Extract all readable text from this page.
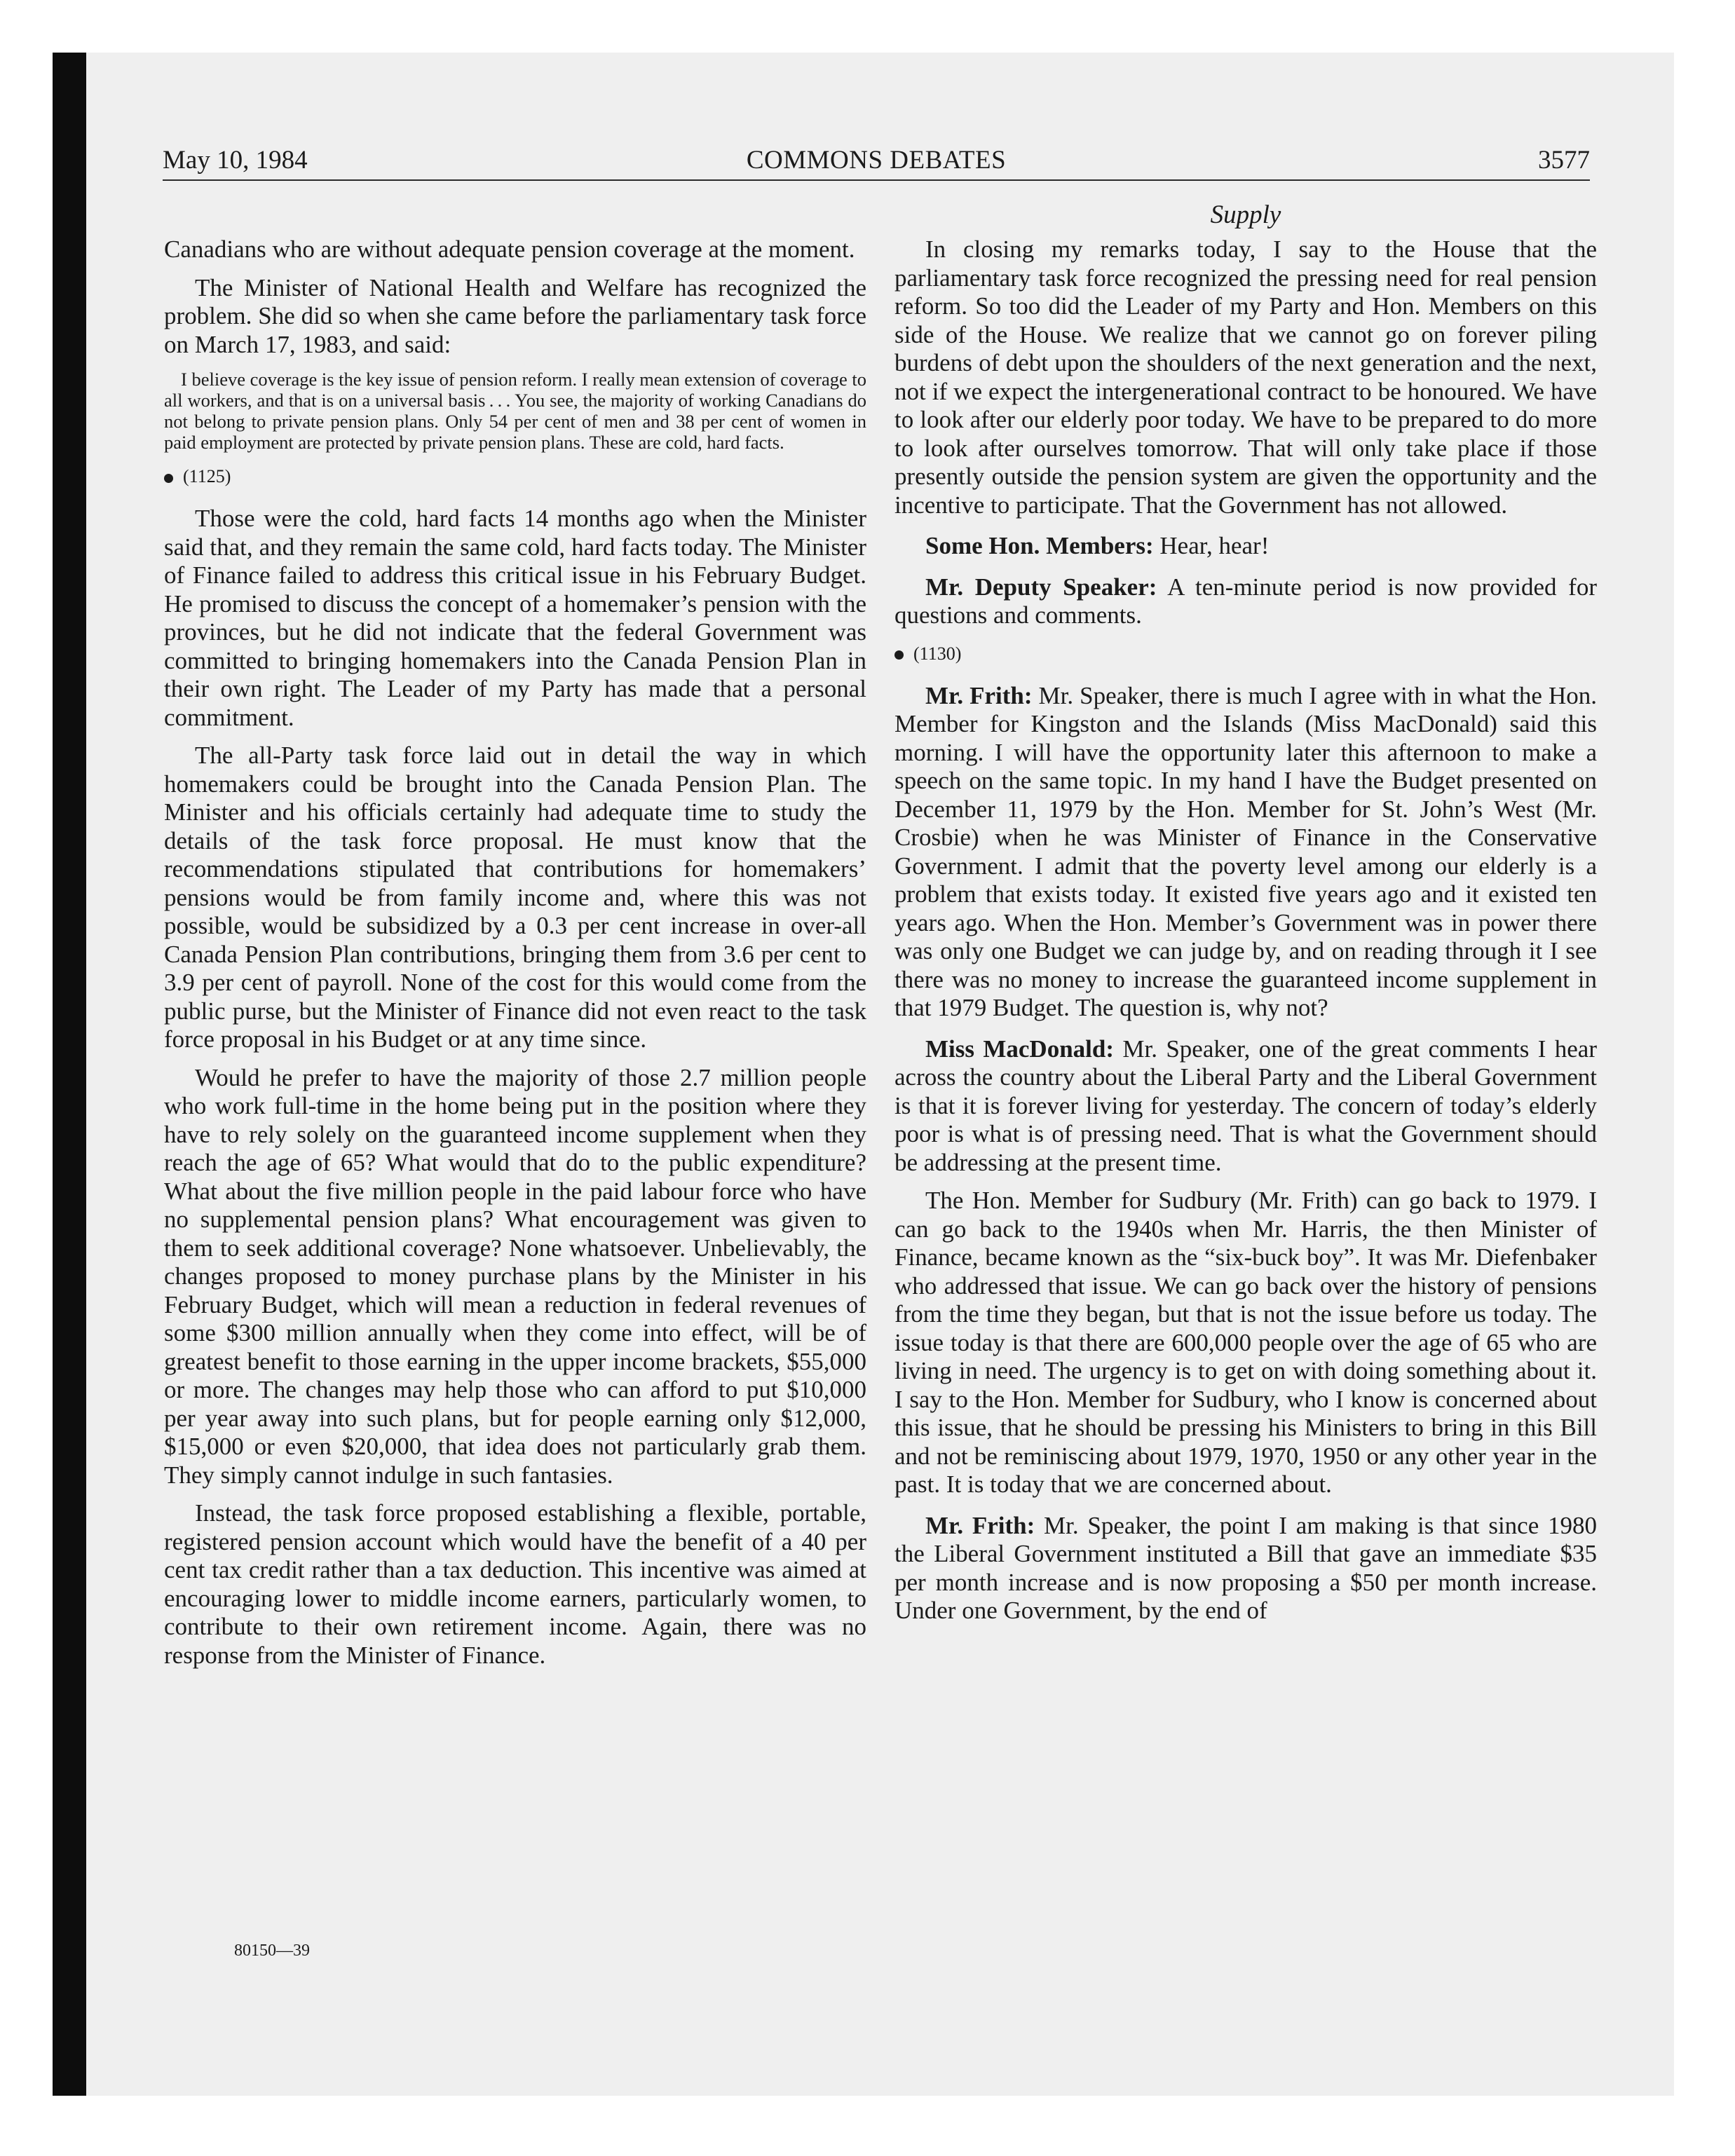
May 10, 1984	COMMONS DEBATES	3577
Supply

Canadians who are without adequate pension coverage at the moment.

The Minister of National Health and Welfare has recognized the problem. She did so when she came before the parliamentary task force on March 17, 1983, and said:

I believe coverage is the key issue of pension reform. I really mean extension of coverage to all workers, and that is on a universal basis . . . You see, the majority of working Canadians do not belong to private pension plans. Only 54 per cent of men and 38 per cent of women in paid employment are protected by private pension plans. These are cold, hard facts.

(1125)

Those were the cold, hard facts 14 months ago when the Minister said that, and they remain the same cold, hard facts today. The Minister of Finance failed to address this critical issue in his February Budget. He promised to discuss the concept of a homemaker’s pension with the provinces, but he did not indicate that the federal Government was committed to bringing homemakers into the Canada Pension Plan in their own right. The Leader of my Party has made that a personal commitment.

The all-Party task force laid out in detail the way in which homemakers could be brought into the Canada Pension Plan. The Minister and his officials certainly had adequate time to study the details of the task force proposal. He must know that the recommendations stipulated that contributions for homemakers’ pensions would be from family income and, where this was not possible, would be subsidized by a 0.3 per cent increase in over-all Canada Pension Plan contributions, bringing them from 3.6 per cent to 3.9 per cent of payroll. None of the cost for this would come from the public purse, but the Minister of Finance did not even react to the task force proposal in his Budget or at any time since.

Would he prefer to have the majority of those 2.7 million people who work full-time in the home being put in the position where they have to rely solely on the guaranteed income supplement when they reach the age of 65? What would that do to the public expenditure? What about the five million people in the paid labour force who have no supplemental pension plans? What encouragement was given to them to seek additional coverage? None whatsoever. Unbelievably, the changes proposed to money purchase plans by the Minister in his February Budget, which will mean a reduction in federal revenues of some $300 million annually when they come into effect, will be of greatest benefit to those earning in the upper income brackets, $55,000 or more. The changes may help those who can afford to put $10,000 per year away into such plans, but for people earning only $12,000, $15,000 or even $20,000, that idea does not particularly grab them. They simply cannot indulge in such fantasies.

Instead, the task force proposed establishing a flexible, portable, registered pension account which would have the benefit of a 40 per cent tax credit rather than a tax deduction. This incentive was aimed at encouraging lower to middle income earners, particularly women, to contribute to their own retirement income. Again, there was no response from the Minister of Finance.

In closing my remarks today, I say to the House that the parliamentary task force recognized the pressing need for real pension reform. So too did the Leader of my Party and Hon. Members on this side of the House. We realize that we cannot go on forever piling burdens of debt upon the shoulders of the next generation and the next, not if we expect the intergenerational contract to be honoured. We have to look after our elderly poor today. We have to be prepared to do more to look after ourselves tomorrow. That will only take place if those presently outside the pension system are given the opportunity and the incentive to participate. That the Government has not allowed.

Some Hon. Members: Hear, hear!

Mr. Deputy Speaker: A ten-minute period is now provided for questions and comments.

(1130)

Mr. Frith: Mr. Speaker, there is much I agree with in what the Hon. Member for Kingston and the Islands (Miss MacDonald) said this morning. I will have the opportunity later this afternoon to make a speech on the same topic. In my hand I have the Budget presented on December 11, 1979 by the Hon. Member for St. John’s West (Mr. Crosbie) when he was Minister of Finance in the Conservative Government. I admit that the poverty level among our elderly is a problem that exists today. It existed five years ago and it existed ten years ago. When the Hon. Member’s Government was in power there was only one Budget we can judge by, and on reading through it I see there was no money to increase the guaranteed income supplement in that 1979 Budget. The question is, why not?

Miss MacDonald: Mr. Speaker, one of the great comments I hear across the country about the Liberal Party and the Liberal Government is that it is forever living for yesterday. The concern of today’s elderly poor is what is of pressing need. That is what the Government should be addressing at the present time.

The Hon. Member for Sudbury (Mr. Frith) can go back to 1979. I can go back to the 1940s when Mr. Harris, the then Minister of Finance, became known as the “six-buck boy”. It was Mr. Diefenbaker who addressed that issue. We can go back over the history of pensions from the time they began, but that is not the issue before us today. The issue today is that there are 600,000 people over the age of 65 who are living in need. The urgency is to get on with doing something about it. I say to the Hon. Member for Sudbury, who I know is concerned about this issue, that he should be pressing his Ministers to bring in this Bill and not be reminiscing about 1979, 1970, 1950 or any other year in the past. It is today that we are concerned about.

Mr. Frith: Mr. Speaker, the point I am making is that since 1980 the Liberal Government instituted a Bill that gave an immediate $35 per month increase and is now proposing a $50 per month increase. Under one Government, by the end of

80150—39
